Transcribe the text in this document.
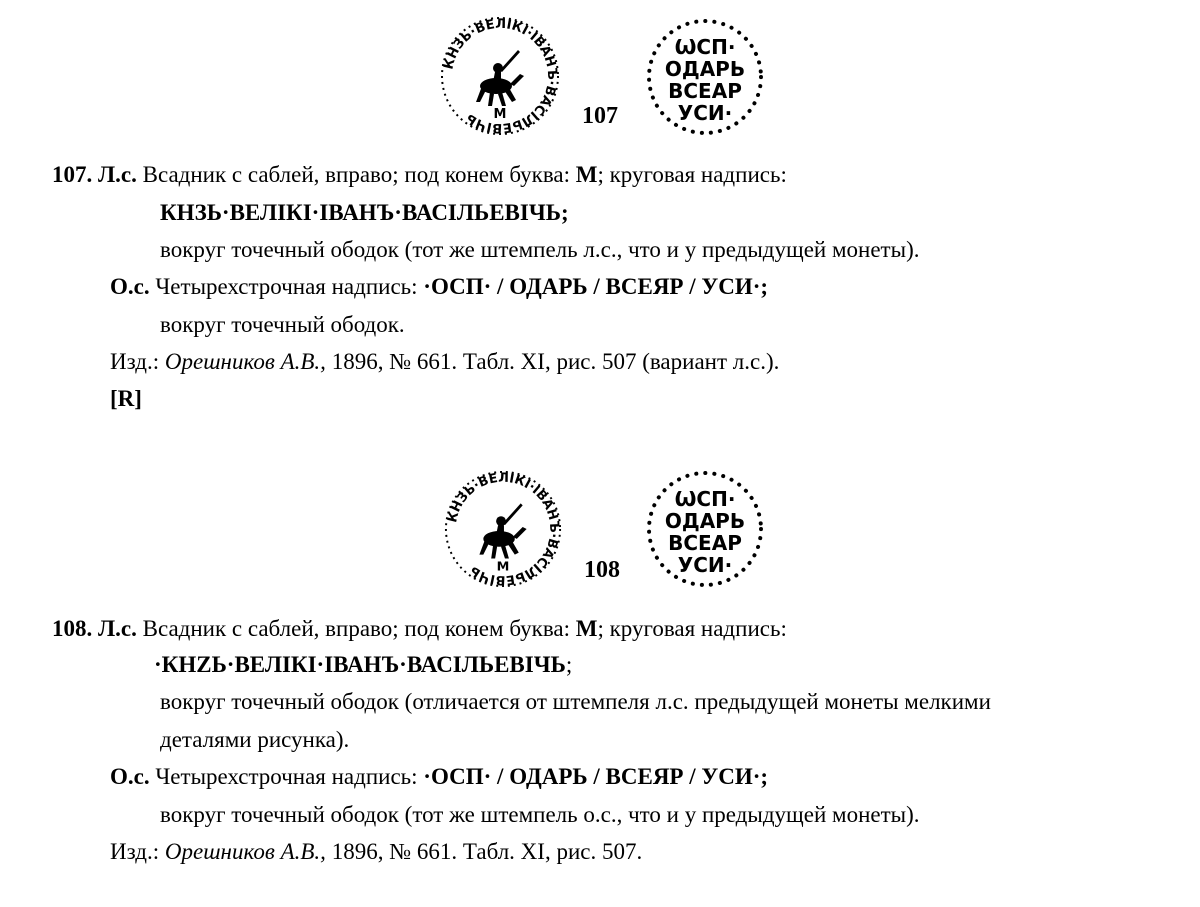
КНЗЬ·ВЕЛІКІ·ІВАНЪ·ВАСІЛЬЕВІЧЬ	М
ѠСП·
ОДАРЬ
ВСЕАР
УСИ·
107
107. Л.с. Всадник с саблей, вправо; под конем буква: М; круговая надпись:
КНЗЬ·ВЕЛІКІ·ІВАНЪ·ВАСІЛЬЕВІЧЬ;
вокруг точечный ободок (тот же штемпель л.с., что и у предыдущей монеты).
О.с. Четырехстрочная надпись: ·ОСП· / ОДАРЬ / ВСЕЯР / УСИ·;
вокруг точечный ободок.
Изд.: Орешников А.В., 1896, № 661. Табл. XI, рис. 507 (вариант л.с.).
[R]
КНЗЬ·ВЕЛІКІ·ІВАНЪ·ВАСІЛЬЕВІЧЬ	М
ѠСП·
ОДАРЬ
ВСЕАР
УСИ·
108
108. Л.с. Всадник с саблей, вправо; под конем буква: М; круговая надпись:
·КНZЬ·ВЕЛІКІ·ІВАНЪ·ВАСІЛЬЕВІЧЬ;
вокруг точечный ободок (отличается от штемпеля л.с. предыдущей монеты мелкими
деталями рисунка).
О.с. Четырехстрочная надпись: ·ОСП· / ОДАРЬ / ВСЕЯР / УСИ·;
вокруг точечный ободок (тот же штемпель о.с., что и у предыдущей монеты).
Изд.: Орешников А.В., 1896, № 661. Табл. XI, рис. 507.
